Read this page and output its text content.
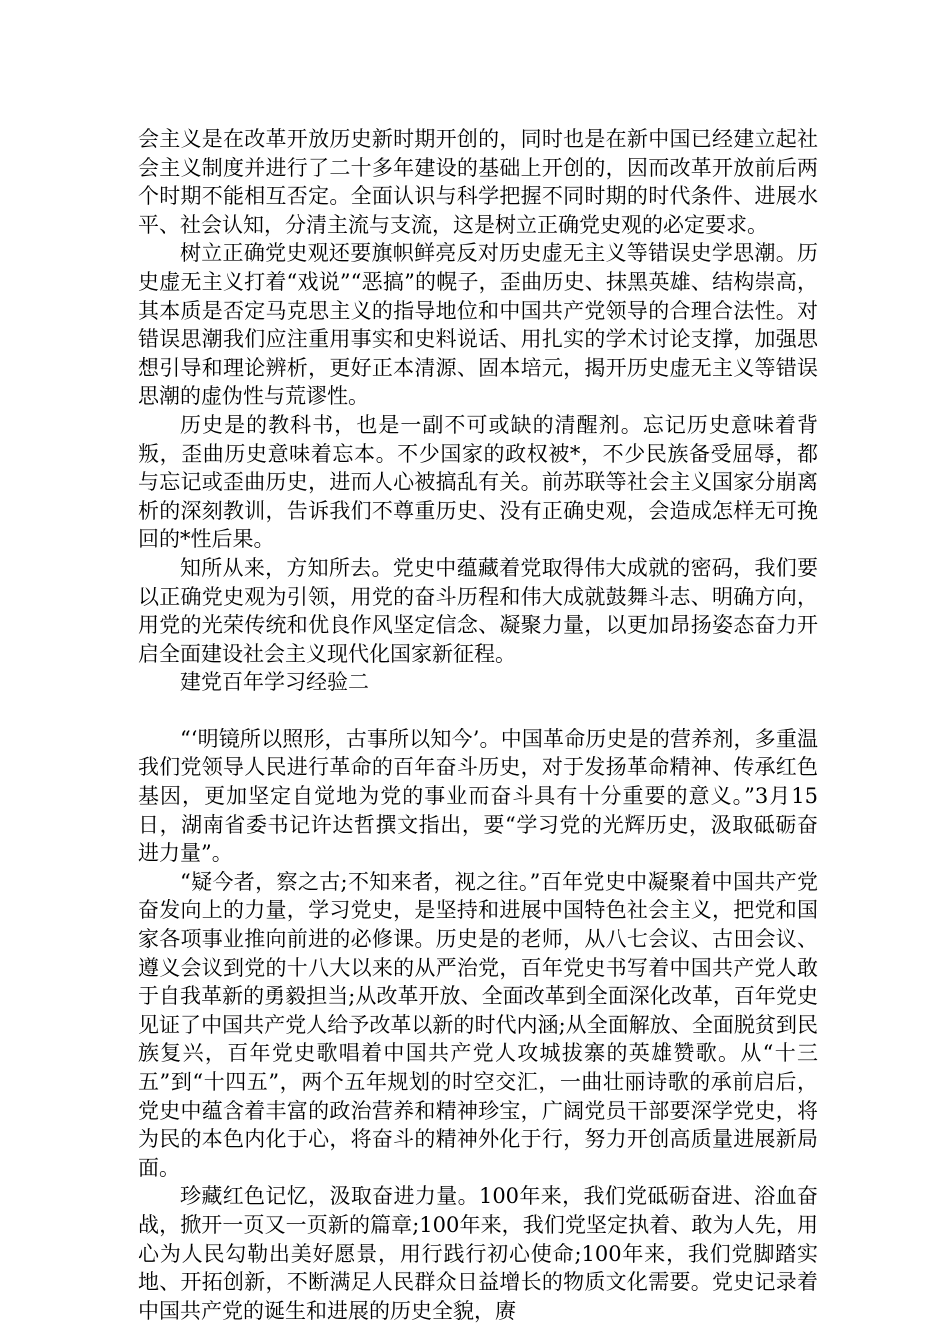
会主义是在改革开放历史新时期开创的，同时也是在新中国已经建立起社会主义制度并进行了二十多年建设的基础上开创的，因而改革开放前后两个时期不能相互否定。全面认识与科学把握不同时期的时代条件、进展水平、社会认知，分清主流与支流，这是树立正确党史观的必定要求。

树立正确党史观还要旗帜鲜亮反对历史虚无主义等错误史学思潮。历史虚无主义打着“戏说”“恶搞”的幌子，歪曲历史、抹黑英雄、结构崇高，其本质是否定马克思主义的指导地位和中国共产党领导的合理合法性。对错误思潮我们应注重用事实和史料说话、用扎实的学术讨论支撑，加强思想引导和理论辨析，更好正本清源、固本培元，揭开历史虚无主义等错误思潮的虚伪性与荒谬性。

历史是的教科书，也是一副不可或缺的清醒剂。忘记历史意味着背叛，歪曲历史意味着忘本。不少国家的政权被*，不少民族备受屈辱，都与忘记或歪曲历史，进而人心被搞乱有关。前苏联等社会主义国家分崩离析的深刻教训，告诉我们不尊重历史、没有正确史观，会造成怎样无可挽回的*性后果。

知所从来，方知所去。党史中蕴藏着党取得伟大成就的密码，我们要以正确党史观为引领，用党的奋斗历程和伟大成就鼓舞斗志、明确方向，用党的光荣传统和优良作风坚定信念、凝聚力量，以更加昂扬姿态奋力开启全面建设社会主义现代化国家新征程。

建党百年学习经验二

“‘明镜所以照形，古事所以知今’。中国革命历史是的营养剂，多重温我们党领导人民进行革命的百年奋斗历史，对于发扬革命精神、传承红色基因，更加坚定自觉地为党的事业而奋斗具有十分重要的意义。”3月15日，湖南省委书记许达哲撰文指出，要“学习党的光辉历史，汲取砥砺奋进力量”。

“疑今者，察之古;不知来者，视之往。”百年党史中凝聚着中国共产党奋发向上的力量，学习党史，是坚持和进展中国特色社会主义，把党和国家各项事业推向前进的必修课。历史是的老师，从八七会议、古田会议、遵义会议到党的十八大以来的从严治党，百年党史书写着中国共产党人敢于自我革新的勇毅担当;从改革开放、全面改革到全面深化改革，百年党史见证了中国共产党人给予改革以新的时代内涵;从全面解放、全面脱贫到民族复兴，百年党史歌唱着中国共产党人攻城拔寨的英雄赞歌。从“十三五”到“十四五”，两个五年规划的时空交汇，一曲壮丽诗歌的承前启后，党史中蕴含着丰富的政治营养和精神珍宝，广阔党员干部要深学党史，将为民的本色内化于心，将奋斗的精神外化于行，努力开创高质量进展新局面。

珍藏红色记忆，汲取奋进力量。100年来，我们党砥砺奋进、浴血奋战，掀开一页又一页新的篇章;100年来，我们党坚定执着、敢为人先，用心为人民勾勒出美好愿景，用行践行初心使命;100年来，我们党脚踏实地、开拓创新，不断满足人民群众日益增长的物质文化需要。党史记录着中国共产党的诞生和进展的历史全貌，赓
